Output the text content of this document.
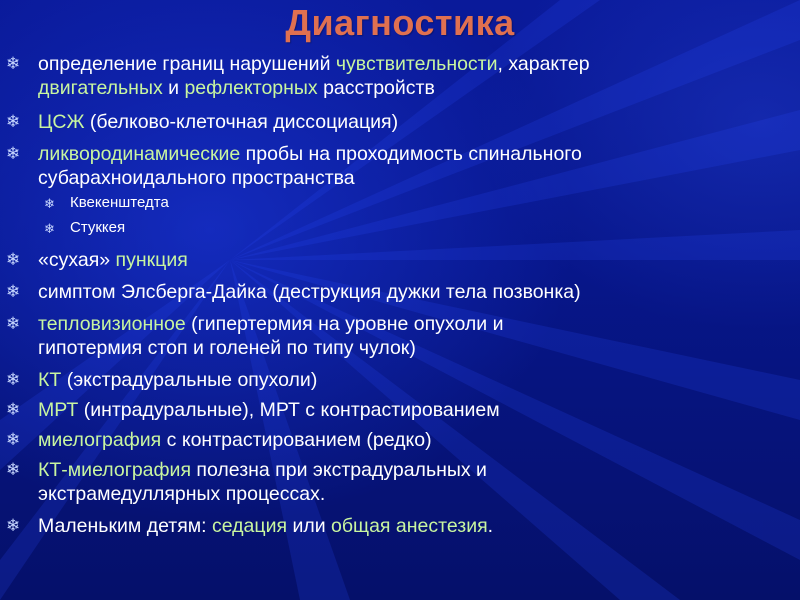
Диагностика
❄ определение границ нарушений чувствительности, характер
двигательных и рефлекторных расстройств
❄ ЦСЖ (белково-клеточная диссоциация)
❄ ликвородинамические пробы на проходимость спинального
субарахноидального пространства
❄ Квекенштедта
❄ Стуккея
❄ «сухая» пункция
❄ симптом Элсберга-Дайка (деструкция дужки тела позвонка)
❄ тепловизионное (гипертермия на уровне опухоли и
гипотермия стоп и голеней по типу чулок)
❄ КТ (экстрадуральные опухоли)
❄ МРТ (интрадуральные), МРТ с контрастированием
❄ миелография с контрастированием (редко)
❄ КТ-миелография полезна при экстрадуральных и
экстрамедуллярных процессах.
❄ Маленьким детям: седация или общая анестезия.
